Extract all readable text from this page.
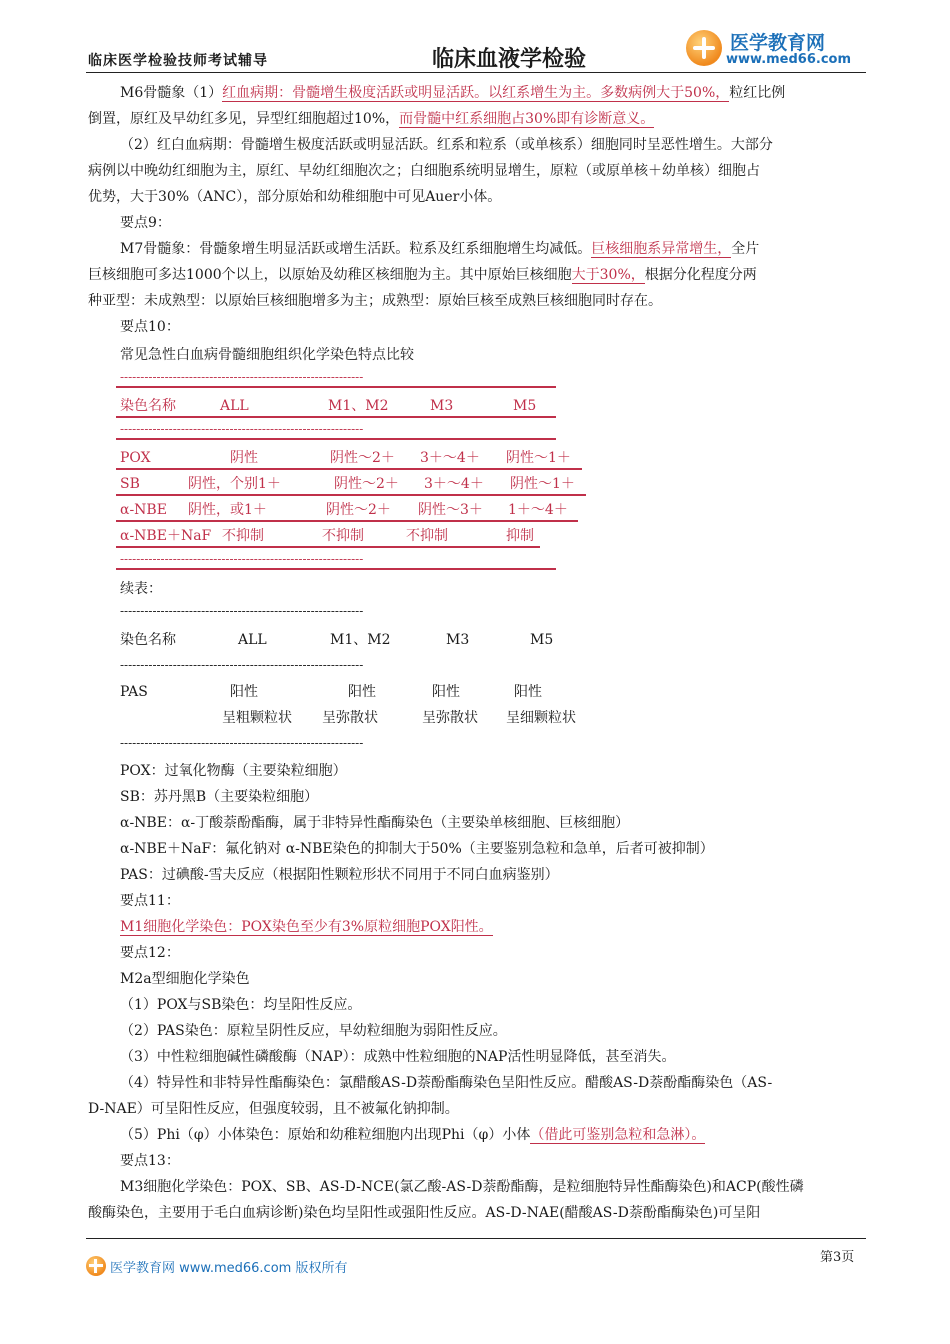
临床医学检验技师考试辅导	临床血液学检验
医学教育网
www.med66.com
M6骨髓象（1）红血病期：骨髓增生极度活跃或明显活跃。以红系增生为主。多数病例大于50%，粒红比例
倒置，原红及早幼红多见，异型红细胞超过10%，而骨髓中红系细胞占30%即有诊断意义。
（2）红白血病期：骨髓增生极度活跃或明显活跃。红系和粒系（或单核系）细胞同时呈恶性增生。大部分
病例以中晚幼红细胞为主，原红、早幼红细胞次之；白细胞系统明显增生，原粒（或原单核＋幼单核）细胞占
优势，大于30%（ANC），部分原始和幼稚细胞中可见Auer小体。
要点9：
M7骨髓象：骨髓象增生明显活跃或增生活跃。粒系及红系细胞增生均减低。巨核细胞系异常增生，全片
巨核细胞可多达1000个以上，以原始及幼稚区核细胞为主。其中原始巨核细胞大于30%，根据分化程度分两
种亚型：未成熟型：以原始巨核细胞增多为主；成熟型：原始巨核至成熟巨核细胞同时存在。
要点10：
常见急性白血病骨髓细胞组织化学染色特点比较
------------------------------------------------------------
染色名称	ALL	M1、M2	M3	M5
------------------------------------------------------------
POX	阴性	阴性～2＋ 3＋～4＋ 阴性～1＋
SB	阴性，个别1＋	阴性～2＋ 3＋～4＋ 阴性～1＋
α-NBE 阴性，或1＋	阴性～2＋ 阴性～3＋ 1＋～4＋
α-NBE＋NaF 不抑制	不抑制	不抑制	抑制
------------------------------------------------------------
续表：
------------------------------------------------------------
染色名称	ALL	M1、M2	M3	M5
------------------------------------------------------------
PAS	阳性	阳性	阳性	阳性
呈粗颗粒状 呈弥散状	呈弥散状 呈细颗粒状
------------------------------------------------------------
POX：过氧化物酶（主要染粒细胞）
SB：苏丹黑B（主要染粒细胞）
α-NBE：α-丁酸萘酚酯酶，属于非特异性酯酶染色（主要染单核细胞、巨核细胞）
α-NBE＋NaF：氟化钠对 α-NBE染色的抑制大于50%（主要鉴别急粒和急单，后者可被抑制）
PAS：过碘酸-雪夫反应（根据阳性颗粒形状不同用于不同白血病鉴别）
要点11：
M1细胞化学染色：POX染色至少有3%原粒细胞POX阳性。
要点12：
M2a型细胞化学染色
（1）POX与SB染色：均呈阳性反应。
（2）PAS染色：原粒呈阴性反应，早幼粒细胞为弱阳性反应。
（3）中性粒细胞碱性磷酸酶（NAP）：成熟中性粒细胞的NAP活性明显降低，甚至消失。
（4）特异性和非特异性酯酶染色：氯醋酸AS-D萘酚酯酶染色呈阳性反应。醋酸AS-D萘酚酯酶染色（AS-
D-NAE）可呈阳性反应，但强度较弱，且不被氟化钠抑制。
（5）Phi（φ）小体染色：原始和幼稚粒细胞内出现Phi（φ）小体（借此可鉴别急粒和急淋）。
要点13：
M3细胞化学染色：POX、SB、AS-D-NCE(氯乙酸-AS-D萘酚酯酶，是粒细胞特异性酯酶染色)和ACP(酸性磷
酸酶染色，主要用于毛白血病诊断)染色均呈阳性或强阳性反应。AS-D-NAE(醋酸AS-D萘酚酯酶染色)可呈阳
第3页
医学教育网 www.med66.com 版权所有
